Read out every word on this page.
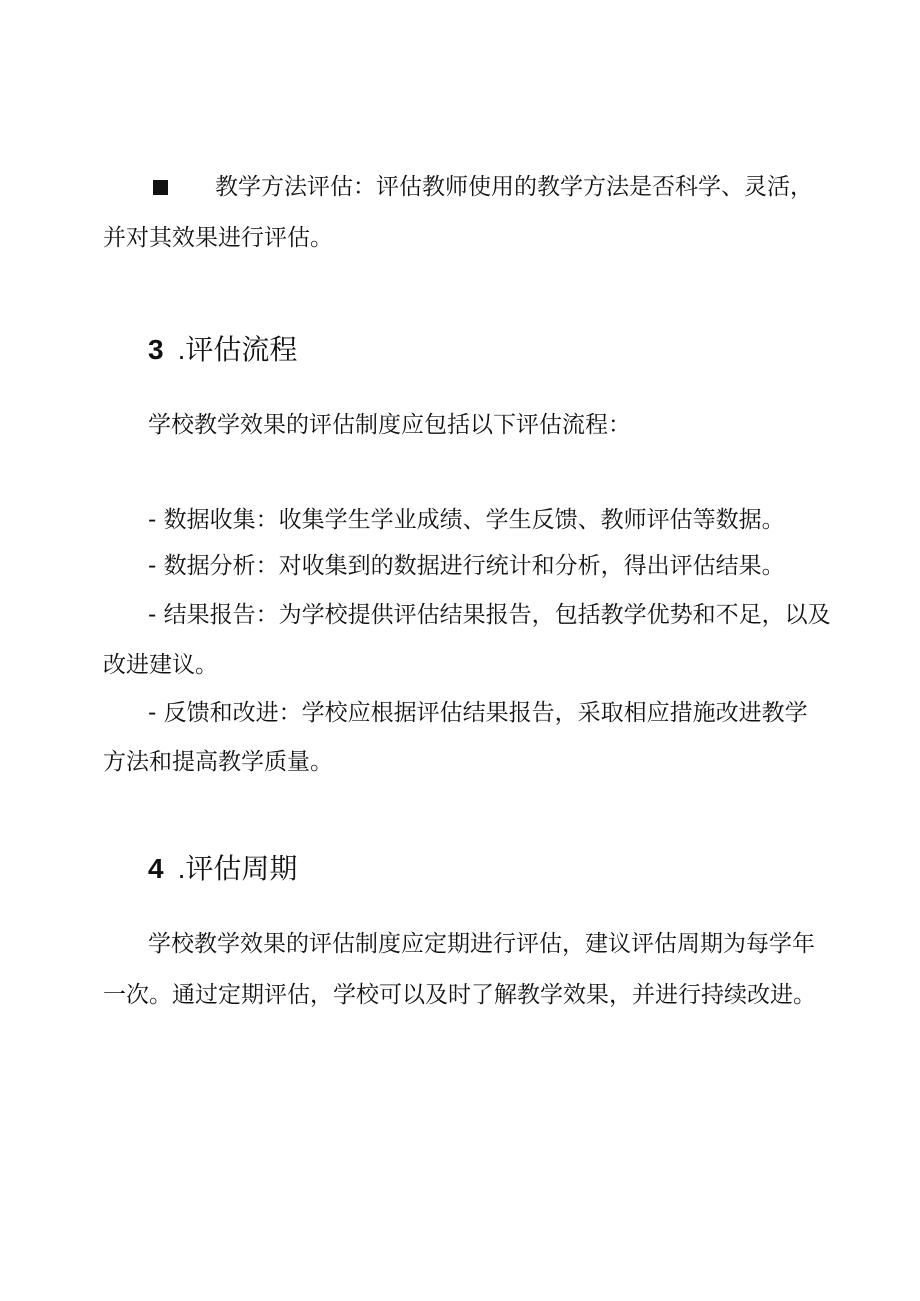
教学方法评估：评估教师使用的教学方法是否科学、灵活，
并对其效果进行评估。
3 .评估流程
学校教学效果的评估制度应包括以下评估流程：
- 数据收集：收集学生学业成绩、学生反馈、教师评估等数据。
- 数据分析：对收集到的数据进行统计和分析，得出评估结果。
- 结果报告：为学校提供评估结果报告，包括教学优势和不足，以及
改进建议。
- 反馈和改进：学校应根据评估结果报告，采取相应措施改进教学
方法和提高教学质量。
4 .评估周期
学校教学效果的评估制度应定期进行评估，建议评估周期为每学年
一次。通过定期评估，学校可以及时了解教学效果，并进行持续改进。
